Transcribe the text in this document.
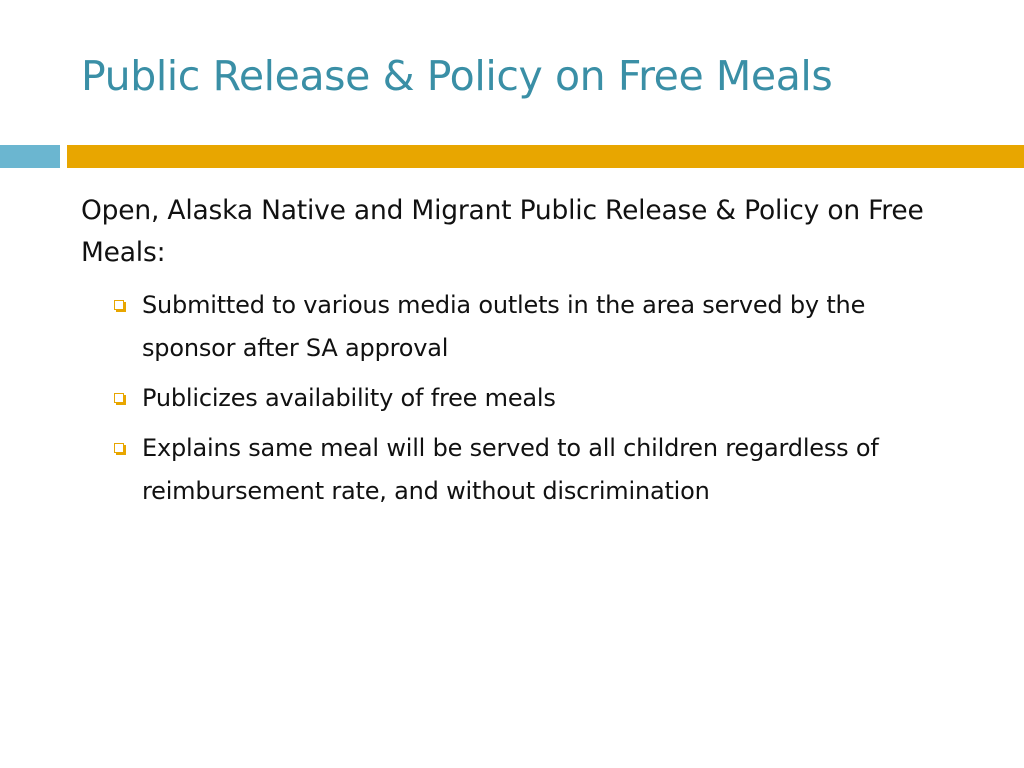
Public Release & Policy on Free Meals

Open, Alaska Native and Migrant Public Release & Policy on Free Meals:

Submitted to various media outlets in the area served by the sponsor after SA approval
Publicizes availability of free meals
Explains same meal will be served to all children regardless of reimbursement rate, and without discrimination
